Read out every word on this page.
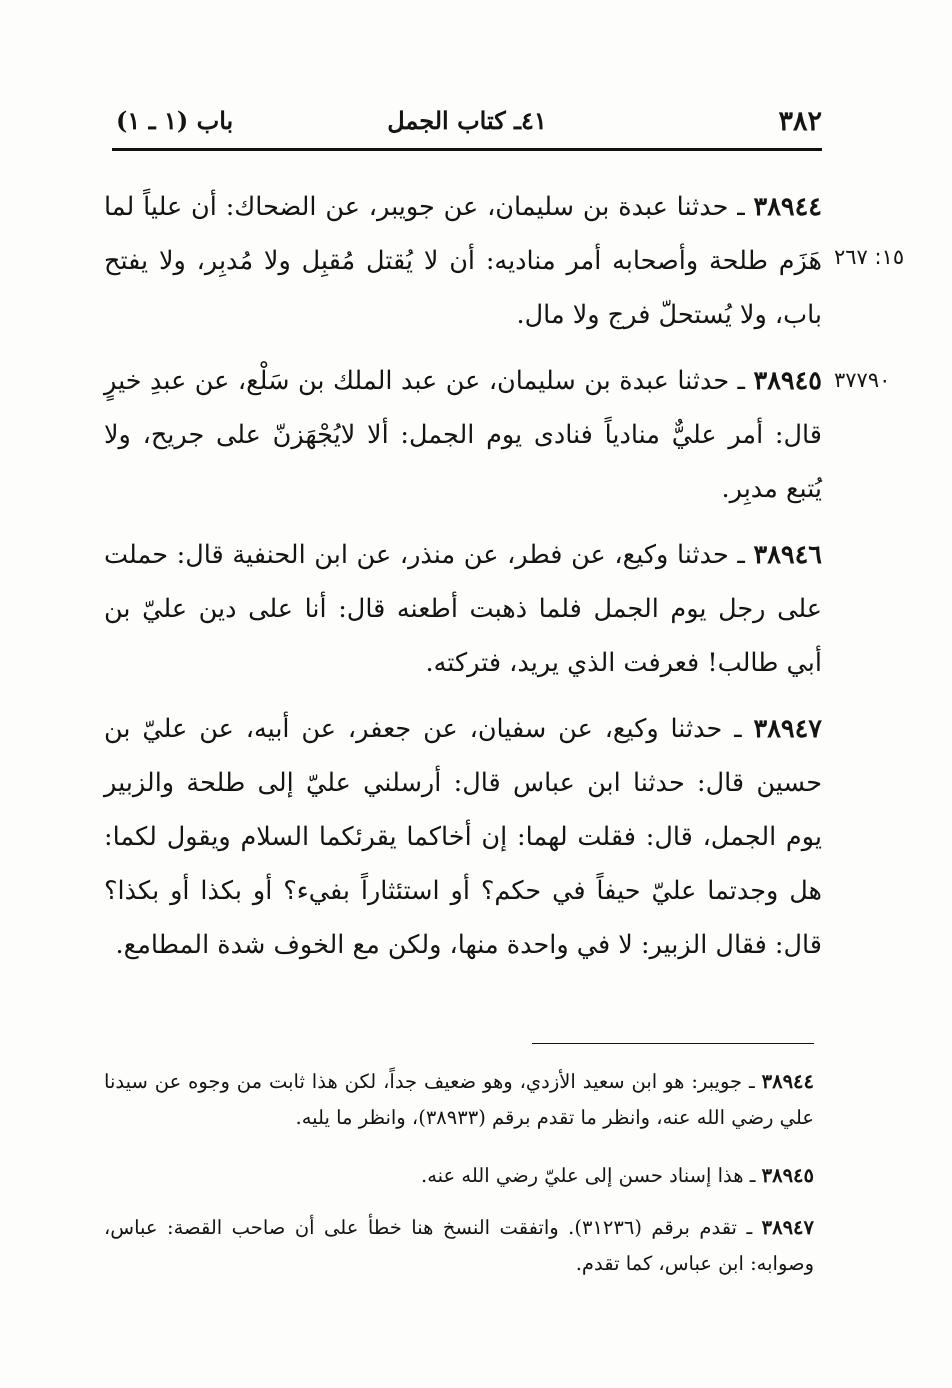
٣٨٢
٤١ـ كتاب الجمل
باب (١ ـ ١)
٣٨٩٤٤ ـ حدثنا عبدة بن سليمان، عن جويبر، عن الضحاك: أن علياً لما هَزَم طلحة وأصحابه أمر مناديه: أن لا يُقتل مُقبِل ولا مُدبِر، ولا يفتح باب، ولا يُستحلّ فرج ولا مال.
١٥: ٢٦٧
٣٨٩٤٥ ـ حدثنا عبدة بن سليمان، عن عبد الملك بن سَلْع، عن عبدِ خيرٍ قال: أمر عليٌّ منادياً فنادى يوم الجمل: ألا لايُجْهَزنّ على جريح، ولا يُتبع مدبِر.
٣٧٧٩٠
٣٨٩٤٦ ـ حدثنا وكيع، عن فطر، عن منذر، عن ابن الحنفية قال: حملت على رجل يوم الجمل فلما ذهبت أطعنه قال: أنا على دين عليّ بن أبي طالب! فعرفت الذي يريد، فتركته.
٣٨٩٤٧ ـ حدثنا وكيع، عن سفيان، عن جعفر، عن أبيه، عن عليّ بن حسين قال: حدثنا ابن عباس قال: أرسلني عليّ إلى طلحة والزبير يوم الجمل، قال: فقلت لهما: إن أخاكما يقرئكما السلام ويقول لكما: هل وجدتما عليّ حيفاً في حكم؟ أو استئثاراً بفيء؟ أو بكذا أو بكذا؟ قال: فقال الزبير: لا في واحدة منها، ولكن مع الخوف شدة المطامع.
٣٨٩٤٤ ـ جويبر: هو ابن سعيد الأزدي، وهو ضعيف جداً، لكن هذا ثابت من وجوه عن سيدنا علي رضي الله عنه، وانظر ما تقدم برقم (٣٨٩٣٣)، وانظر ما يليه.
٣٨٩٤٥ ـ هذا إسناد حسن إلى عليّ رضي الله عنه.
٣٨٩٤٧ ـ تقدم برقم (٣١٢٣٦). واتفقت النسخ هنا خطأ على أن صاحب القصة: عباس، وصوابه: ابن عباس، كما تقدم.
